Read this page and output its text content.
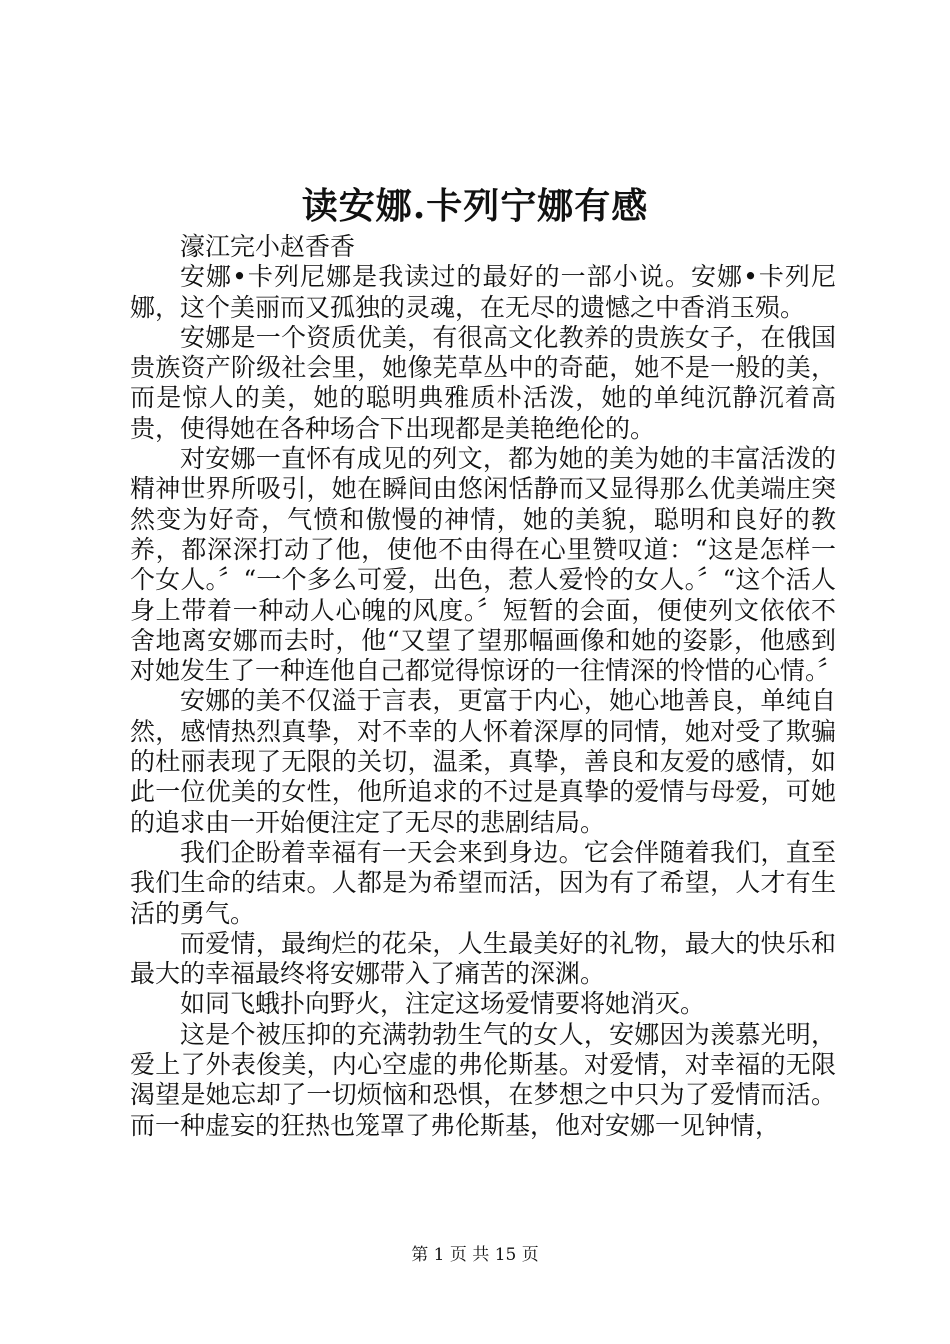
读安娜.卡列宁娜有感

濠江完小赵香香

安娜•卡列尼娜是我读过的最好的一部小说。安娜•卡列尼娜，这个美丽而又孤独的灵魂，在无尽的遗憾之中香消玉殒。

安娜是一个资质优美，有很高文化教养的贵族女子，在俄国贵族资产阶级社会里，她像芜草丛中的奇葩，她不是一般的美，而是惊人的美，她的聪明典雅质朴活泼，她的单纯沉静沉着高贵，使得她在各种场合下出现都是美艳绝伦的。

对安娜一直怀有成见的列文，都为她的美为她的丰富活泼的精神世界所吸引，她在瞬间由悠闲恬静而又显得那么优美端庄突然变为好奇，气愤和傲慢的神情，她的美貌，聪明和良好的教养，都深深打动了他，使他不由得在心里赞叹道：“这是怎样一个女人。〞“一个多么可爱，出色，惹人爱怜的女人。〞“这个活人身上带着一种动人心魄的风度。〞短暂的会面，便使列文依依不舍地离安娜而去时，他“又望了望那幅画像和她的姿影，他感到对她发生了一种连他自己都觉得惊讶的一往情深的怜惜的心情。〞

安娜的美不仅溢于言表，更富于内心，她心地善良，单纯自然，感情热烈真挚，对不幸的人怀着深厚的同情，她对受了欺骗的杜丽表现了无限的关切，温柔，真挚，善良和友爱的感情，如此一位优美的女性，他所追求的不过是真挚的爱情与母爱，可她的追求由一开始便注定了无尽的悲剧结局。

我们企盼着幸福有一天会来到身边。它会伴随着我们，直至我们生命的结束。人都是为希望而活，因为有了希望，人才有生活的勇气。

而爱情，最绚烂的花朵，人生最美好的礼物，最大的快乐和最大的幸福最终将安娜带入了痛苦的深渊。

如同飞蛾扑向野火，注定这场爱情要将她消灭。

这是个被压抑的充满勃勃生气的女人，安娜因为羡慕光明，爱上了外表俊美，内心空虚的弗伦斯基。对爱情，对幸福的无限渴望是她忘却了一切烦恼和恐惧，在梦想之中只为了爱情而活。而一种虚妄的狂热也笼罩了弗伦斯基，他对安娜一见钟情，

第 1 页 共 15 页
